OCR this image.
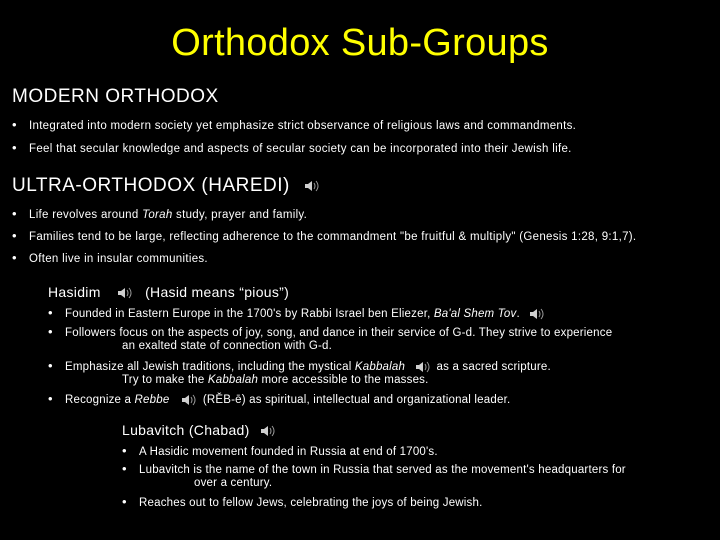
Orthodox Sub-Groups
MODERN ORTHODOX
• Integrated into modern society yet emphasize strict observance of religious laws and commandments.
• Feel that secular knowledge and aspects of secular society can be incorporated into their Jewish life.
ULTRA-ORTHODOX (HAREDI)
• Life revolves around Torah study, prayer and family.
• Families tend to be large, reflecting adherence to the commandment "be fruitful & multiply" (Genesis 1:28, 9:1,7).
• Often live in insular communities.
Hasidim	(Hasid means “pious”)
• Founded in Eastern Europe in the 1700's by Rabbi Israel ben Eliezer, Ba'al Shem Tov.
• Followers focus on the aspects of joy, song, and dance in their service of G-d. They strive to experience
an exalted state of connection with G-d.
• Emphasize all Jewish traditions, including the mystical Kabbalah	as a sacred scripture.
Try to make the Kabbalah more accessible to the masses.
• Recognize a Rebbe	(RĚB-ē) as spiritual, intellectual and organizational leader.
Lubavitch (Chabad)
• A Hasidic movement founded in Russia at end of 1700's.
• Lubavitch is the name of the town in Russia that served as the movement's headquarters for
over a century.
• Reaches out to fellow Jews, celebrating the joys of being Jewish.
